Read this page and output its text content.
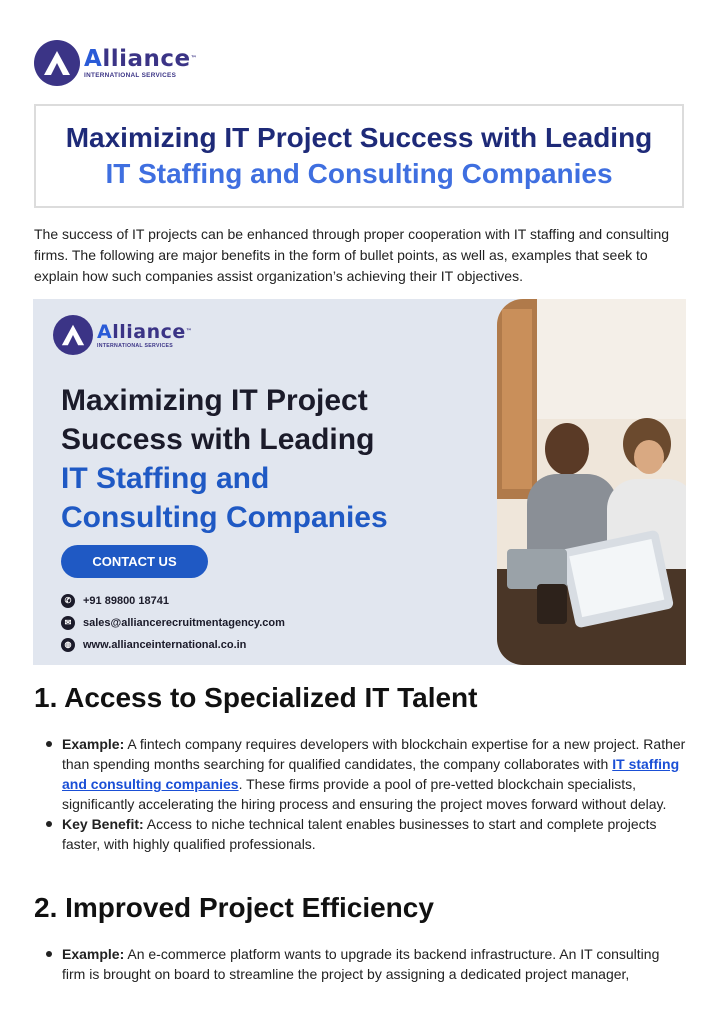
Alliance™
INTERNATIONAL SERVICES
Maximizing IT Project Success with Leading
IT Staffing and Consulting Companies
The success of IT projects can be enhanced through proper cooperation with IT staffing and consulting firms. The following are major benefits in the form of bullet points, as well as, examples that seek to explain how such companies assist organization’s achieving their IT objectives.
Alliance™
INTERNATIONAL SERVICES
Maximizing IT Project
Success with Leading
IT Staffing and
Consulting Companies
CONTACT US
✆	+91 89800 18741
✉	sales@alliancerecruitmentagency.com
◍	www.allianceinternational.co.in
1. Access to Specialized IT Talent
Example: A fintech company requires developers with blockchain expertise for a new project. Rather than spending months searching for qualified candidates, the company collaborates with IT staffing and consulting companies. These firms provide a pool of pre-vetted blockchain specialists, significantly accelerating the hiring process and ensuring the project moves forward without delay.
Key Benefit: Access to niche technical talent enables businesses to start and complete projects faster, with highly qualified professionals.
2. Improved Project Efficiency
Example: An e-commerce platform wants to upgrade its backend infrastructure. An IT consulting firm is brought on board to streamline the project by assigning a dedicated project manager,
